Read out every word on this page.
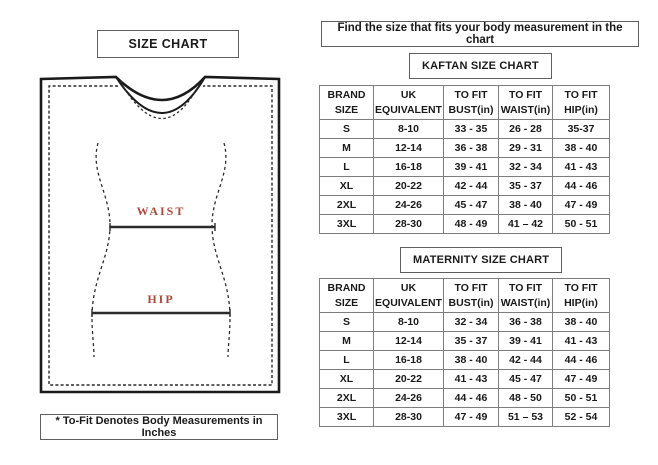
SIZE CHART
WAIST
HIP
* To-Fit Denotes Body Measurements in Inches
Find the size that fits your body measurement in the chart
KAFTAN SIZE CHART
BRAND SIZE	UK EQUIVALENT	TO FIT BUST(in)	TO FIT WAIST(in)	TO FIT HIP(in)
S	8-10	33 - 35	26 - 28	35-37
M	12-14	36 - 38	29 - 31	38 - 40
L	16-18	39 - 41	32 - 34	41 - 43
XL	20-22	42 - 44	35 - 37	44 - 46
2XL	24-26	45 - 47	38 - 40	47 - 49
3XL	28-30	48 - 49	41 – 42	50 - 51
MATERNITY SIZE CHART
BRAND SIZE	UK EQUIVALENT	TO FIT BUST(in)	TO FIT WAIST(in)	TO FIT HIP(in)
S	8-10	32 - 34	36 - 38	38 - 40
M	12-14	35 - 37	39 - 41	41 - 43
L	16-18	38 - 40	42 - 44	44 - 46
XL	20-22	41 - 43	45 - 47	47 - 49
2XL	24-26	44 - 46	48 - 50	50 - 51
3XL	28-30	47 - 49	51 – 53	52 - 54
